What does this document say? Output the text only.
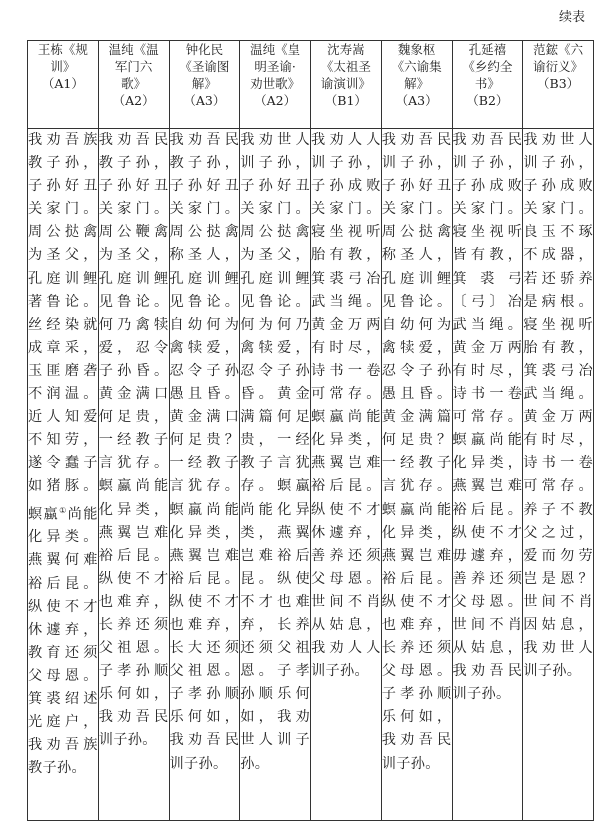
续表
王栋《规
训》
（A1）	温纯《温
军门六
歌》
（A2）	钟化民
《圣谕图
解》
（A3）	温纯《皇
明圣谕·
劝世歌》
（A2）	沈寿嵩
《太祖圣
谕演训》
（B1）	魏象枢
《六谕集
解》
（A3）	孔延禧
《乡约全
书》
（B2）	范鋐《六
谕衍义》
（B3）

我劝吾族教子孙，子孙好丑关家门。周公挞禽为圣父，孔庭训鲤著鲁论。丝经染就成章采，玉匪磨砻不润温。近人知爱不知劳，遂令蠢子如猪豚。螟蠃①尚能化异类。燕翼何难裕后昆。纵使不才休遽弃，教育还须父母恩。箕裘绍述光庭户，我劝吾族教子孙。	我劝吾民教子孙，子孙好丑关家门。周公鞭禽为圣父，孔庭训鲤见鲁论。何乃禽犊爱，忍令子孙昏。黄金满口何足贵，一经教子言犹存。螟蠃尚能化异类，燕翼岂难裕后昆。纵使不才也难弃，长养还须父祖恩。子孝孙顺乐何如，我劝吾民训子孙。	我劝吾民教子孙，子孙好丑关家门。周公挞禽称圣人，孔庭训鲤见鲁论。自幼何为禽犊爱，忍令子孙愚且昏。黄金满口何足贵？一经教子言犹存。螟蠃尚能化异类，燕翼岂难裕后昆。纵使不才也难弃，长大还须父祖恩。子孝孙顺乐何如，我劝吾民训子孙。	我劝世人训子孙，子孙好丑关家门。周公挞禽为圣父，孔庭训鲤见鲁论。何为何乃禽犊爱，忍令子孙昏。黄金满篇何足贵，一经教子言犹存。螟蠃尚能化异类，燕翼岂难裕后昆。纵使不才也难弃，长养还须父祖恩。子孝孙顺乐何如，我劝世人训子孙。	我劝人人训子孙，子孙成败关家门。寝坐视听胎有教，箕裘弓冶武当绳。黄金万两有时尽，诗书一卷可常存。螟蠃尚能化异类，燕翼岂难裕后昆。纵使不才休遽弃，善养还须父母恩。世间不肖从姑息，我劝人人训子孙。	我劝吾民训子孙，子孙好丑关家门。周公挞禽称圣人，孔庭训鲤见鲁论。自幼何为禽犊爱，忍令子孙愚且昏。黄金满篇何足贵？一经教子言犹存。螟蠃尚能化异类，燕翼岂难裕后昆。纵使不才也难弃，长养还须父母恩。子孝孙顺乐何如，我劝吾民训子孙。	我劝吾民训子孙，子孙成败关家门。寝坐视听皆有教，箕裘弓〔弓〕冶武当绳。黄金万两有时尽，诗书一卷可常存。螟蠃尚能化异类，燕翼岂难裕后昆。纵使不才毋遽弃，善养还须父母恩。世间不肖从姑息，我劝吾民训子孙。	我劝世人训子孙，子孙成败关家门。良玉不琢不成器，若还骄养是病根。寝坐视听胎有教，箕裘弓冶武当绳。黄金万两有时尽，诗书一卷可常存。养子不教父之过，爱而勿劳岂是恩？世间不肖因姑息，我劝世人训子孙。
